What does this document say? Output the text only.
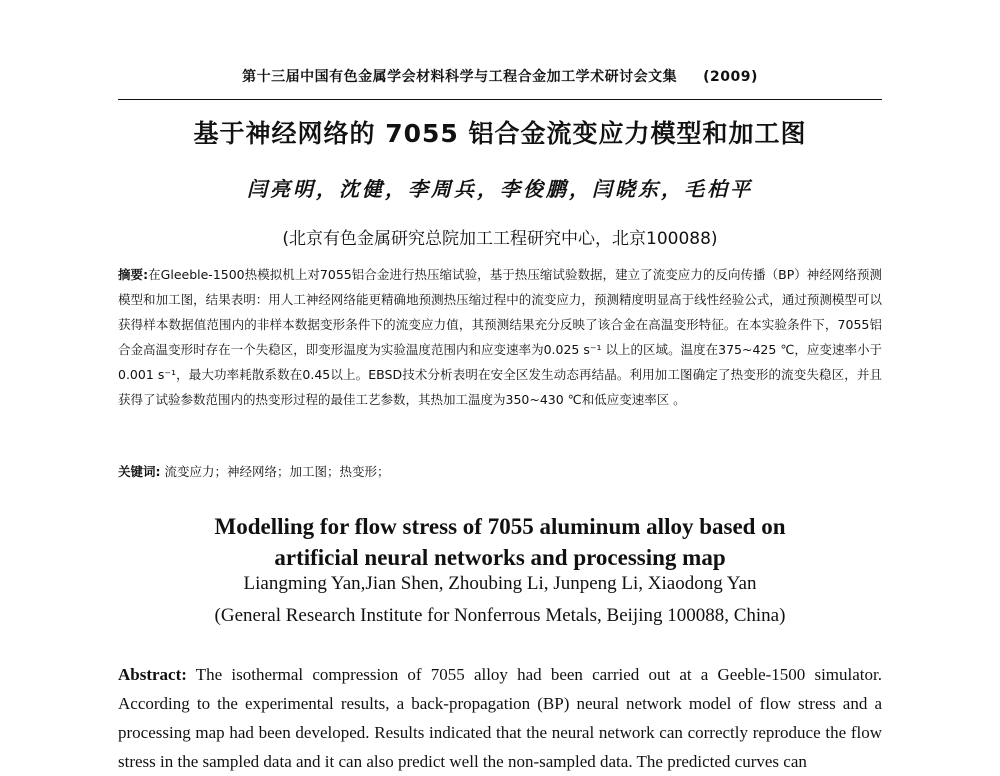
第十三届中国有色金属学会材料科学与工程合金加工学术研讨会文集 (2009)
基于神经网络的 7055 铝合金流变应力模型和加工图
闫亮明，沈健，李周兵，李俊鹏，闫晓东，毛柏平
(北京有色金属研究总院加工工程研究中心，北京100088)
摘要:在Gleeble-1500热模拟机上对7055铝合金进行热压缩试验，基于热压缩试验数据，建立了流变应力的反向传播（BP）神经网络预测模型和加工图，结果表明：用人工神经网络能更精确地预测热压缩过程中的流变应力，预测精度明显高于线性经验公式，通过预测模型可以获得样本数据值范围内的非样本数据变形条件下的流变应力值，其预测结果充分反映了该合金在高温变形特征。在本实验条件下，7055铝合金高温变形时存在一个失稳区，即变形温度为实验温度范围内和应变速率为0.025 s⁻¹ 以上的区域。温度在375~425 ℃，应变速率小于0.001 s⁻¹，最大功率耗散系数在0.45以上。EBSD技术分析表明在安全区发生动态再结晶。利用加工图确定了热变形的流变失稳区，并且获得了试验参数范围内的热变形过程的最佳工艺参数，其热加工温度为350~430 ℃和低应变速率区 。
关键词: 流变应力；神经网络；加工图；热变形；
Modelling for flow stress of 7055 aluminum alloy based on
artificial neural networks and processing map
Liangming Yan,Jian Shen, Zhoubing Li, Junpeng Li, Xiaodong Yan
(General Research Institute for Nonferrous Metals, Beijing 100088, China)
Abstract: The isothermal compression of 7055 alloy had been carried out at a Geeble-1500 simulator. According to the experimental results, a back-propagation (BP) neural network model of flow stress and a processing map had been developed. Results indicated that the neural network can correctly reproduce the flow stress in the sampled data and it can also predict well the non-sampled data. The predicted curves can
